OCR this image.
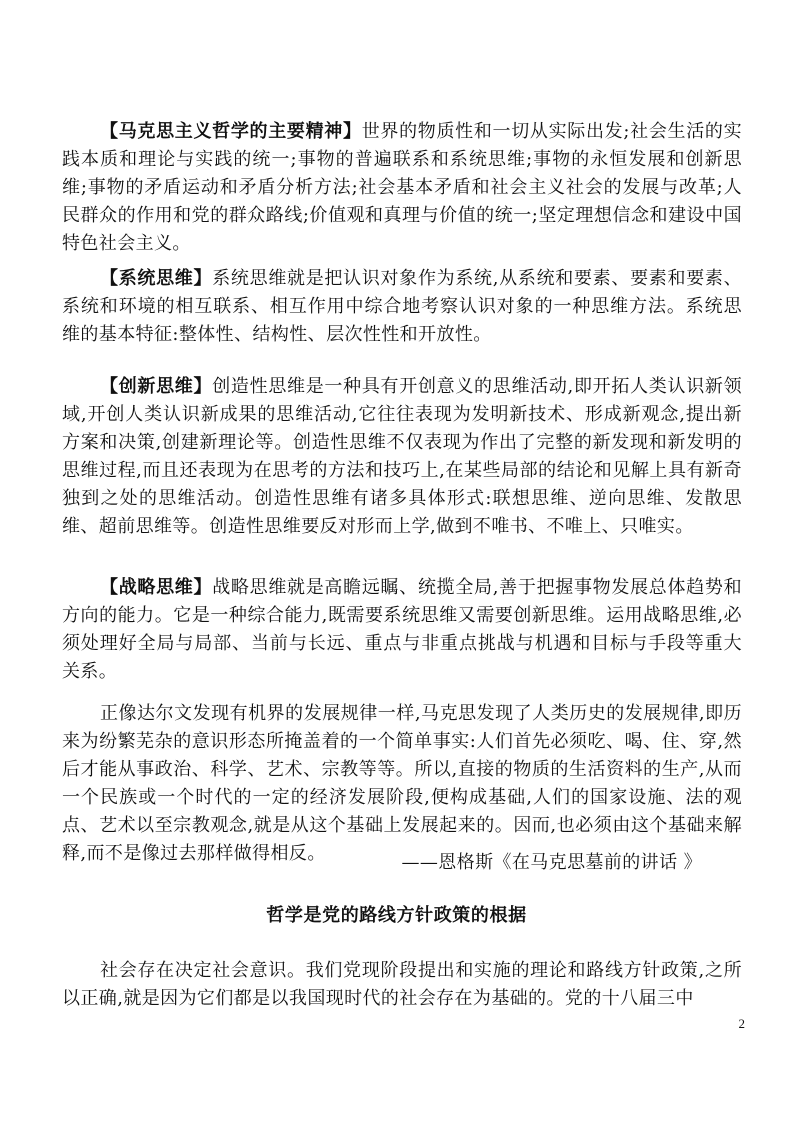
【马克思主义哲学的主要精神】世界的物质性和一切从实际出发;社会生活的实践本质和理论与实践的统一;事物的普遍联系和系统思维;事物的永恒发展和创新思维;事物的矛盾运动和矛盾分析方法;社会基本矛盾和社会主义社会的发展与改革;人民群众的作用和党的群众路线;价值观和真理与价值的统一;坚定理想信念和建设中国特色社会主义。

【系统思维】系统思维就是把认识对象作为系统,从系统和要素、要素和要素、系统和环境的相互联系、相互作用中综合地考察认识对象的一种思维方法。系统思维的基本特征:整体性、结构性、层次性性和开放性。

【创新思维】创造性思维是一种具有开创意义的思维活动,即开拓人类认识新领域,开创人类认识新成果的思维活动,它往往表现为发明新技术、形成新观念,提出新方案和决策,创建新理论等。创造性思维不仅表现为作出了完整的新发现和新发明的思维过程,而且还表现为在思考的方法和技巧上,在某些局部的结论和见解上具有新奇独到之处的思维活动。创造性思维有诸多具体形式:联想思维、逆向思维、发散思维、超前思维等。创造性思维要反对形而上学,做到不唯书、不唯上、只唯实。

【战略思维】战略思维就是高瞻远瞩、统揽全局,善于把握事物发展总体趋势和方向的能力。它是一种综合能力,既需要系统思维又需要创新思维。运用战略思维,必须处理好全局与局部、当前与长远、重点与非重点挑战与机遇和目标与手段等重大关系。

正像达尔文发现有机界的发展规律一样,马克思发现了人类历史的发展规律,即历来为纷繁芜杂的意识形态所掩盖着的一个简单事实:人们首先必须吃、喝、住、穿,然后才能从事政治、科学、艺术、宗教等等。所以,直接的物质的生活资料的生产,从而一个民族或一个时代的一定的经济发展阶段,便构成基础,人们的国家设施、法的观点、艺术以至宗教观念,就是从这个基础上发展起来的。因而,也必须由这个基础来解释,而不是像过去那样做得相反。	——恩格斯《在马克思墓前的讲话 》
哲学是党的路线方针政策的根据

社会存在决定社会意识。我们党现阶段提出和实施的理论和路线方针政策,之所以正确,就是因为它们都是以我国现时代的社会存在为基础的。党的十八届三中

2
